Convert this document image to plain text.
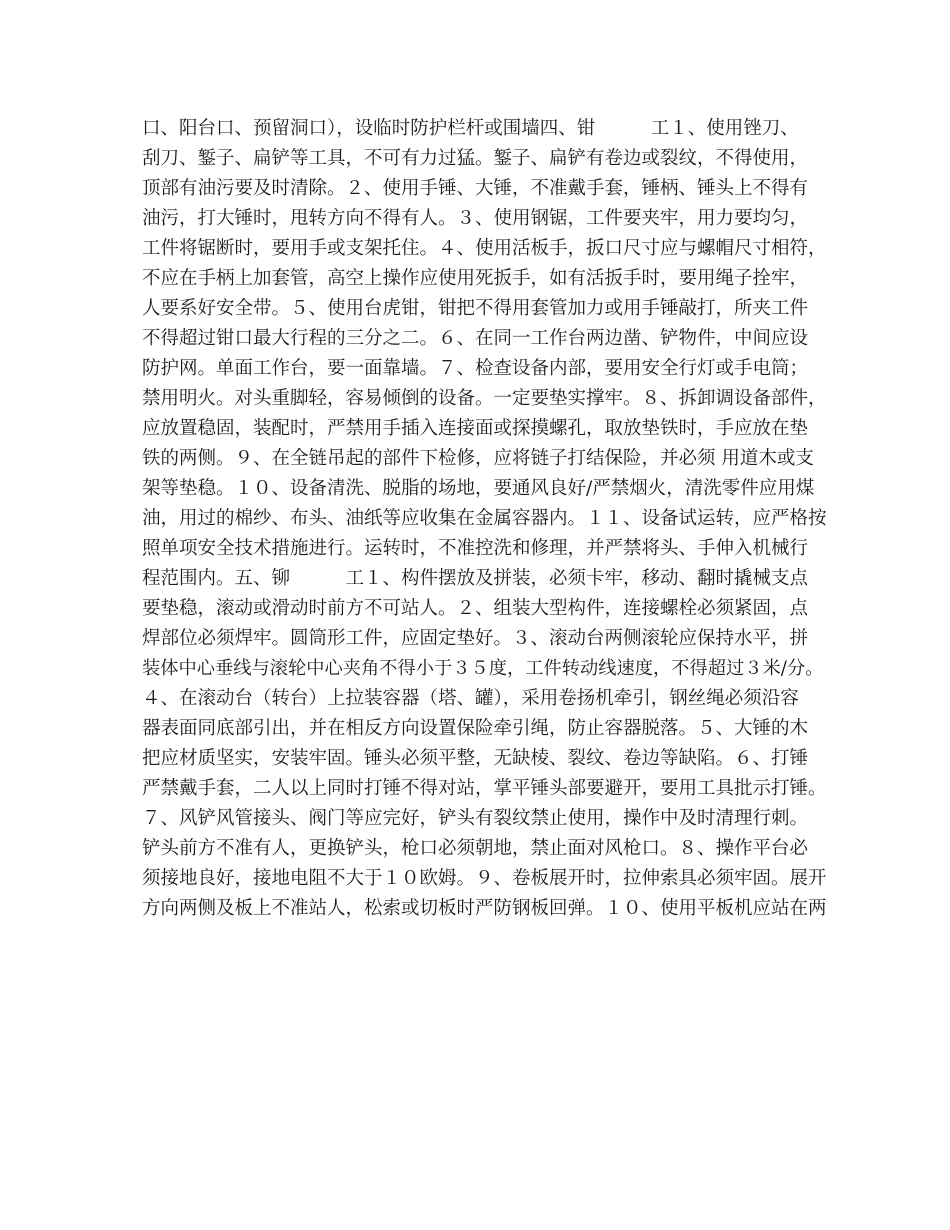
口、阳台口、预留洞口），设临时防护栏杆或围墙四、钳　　　工１、使用锉刀、
刮刀、錾子、扁铲等工具，不可有力过猛。錾子、扁铲有卷边或裂纹，不得使用，
顶部有油污要及时清除。２、使用手锤、大锤，不准戴手套，锤柄、锤头上不得有
油污，打大锤时，甩转方向不得有人。３、使用钢锯，工件要夹牢，用力要均匀，
工件将锯断时，要用手或支架托住。４、使用活板手，扳口尺寸应与螺帽尺寸相符，
不应在手柄上加套管，高空上操作应使用死扳手，如有活扳手时，要用绳子拴牢，
人要系好安全带。５、使用台虎钳，钳把不得用套管加力或用手锤敲打，所夹工件
不得超过钳口最大行程的三分之二。６、在同一工作台两边凿、铲物件，中间应设
防护网。单面工作台，要一面靠墙。７、检查设备内部，要用安全行灯或手电筒；
禁用明火。对头重脚轻，容易倾倒的设备。一定要垫实撑牢。８、拆卸调设备部件，
应放置稳固，装配时，严禁用手插入连接面或探摸螺孔，取放垫铁时，手应放在垫
铁的两侧。９、在全链吊起的部件下检修，应将链子打结保险，并必须 用道木或支
架等垫稳。１０、设备清洗、脱脂的场地，要通风良好/严禁烟火，清洗零件应用煤
油，用过的棉纱、布头、油纸等应收集在金属容器内。１１、设备试运转，应严格按
照单项安全技术措施进行。运转时，不准控洗和修理，并严禁将头、手伸入机械行
程范围内。五、铆　　　工１、构件摆放及拼装，必须卡牢，移动、翻时撬械支点
要垫稳，滚动或滑动时前方不可站人。２、组装大型构件，连接螺栓必须紧固，点
焊部位必须焊牢。圆筒形工件，应固定垫好。３、滚动台两侧滚轮应保持水平，拼
装体中心垂线与滚轮中心夹角不得小于３５度，工件转动线速度，不得超过３米/分。
４、在滚动台（转台）上拉装容器（塔、罐），采用卷扬机牵引，钢丝绳必须沿容
器表面同底部引出，并在相反方向设置保险牵引绳，防止容器脱落。５、大锤的木
把应材质坚实，安装牢固。锤头必须平整，无缺棱、裂纹、卷边等缺陷。６、打锤
严禁戴手套，二人以上同时打锤不得对站，掌平锤头部要避开，要用工具批示打锤。
７、风铲风管接头、阀门等应完好，铲头有裂纹禁止使用，操作中及时清理行刺。
铲头前方不准有人，更换铲头，枪口必须朝地，禁止面对风枪口。８、操作平台必
须接地良好，接地电阻不大于１０欧姆。９、卷板展开时，拉伸索具必须牢固。展开
方向两侧及板上不准站人，松索或切板时严防钢板回弹。１０、使用平板机应站在两
